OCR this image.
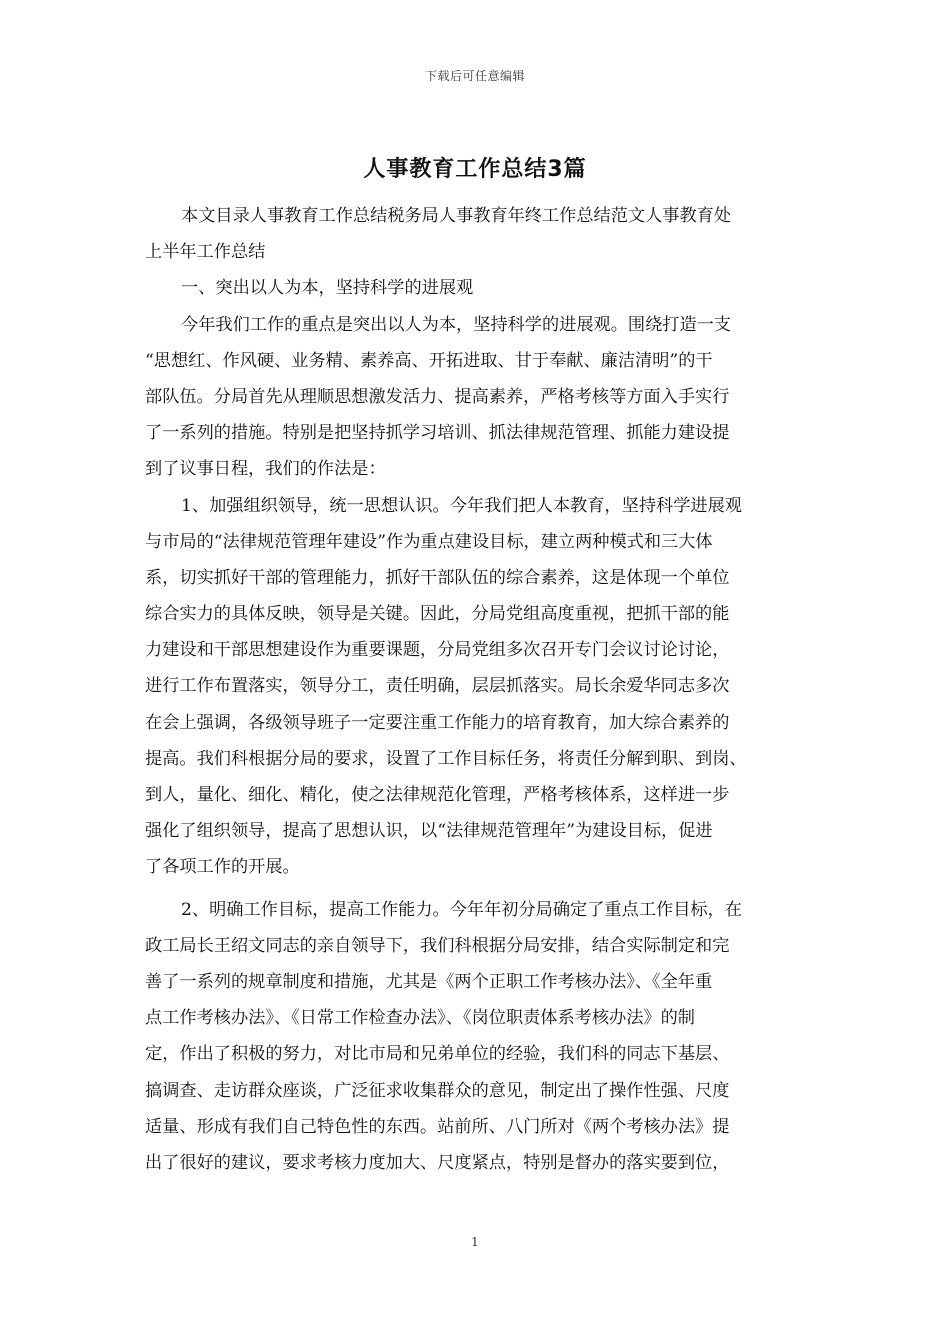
下载后可任意编辑
人事教育工作总结3篇
本文目录人事教育工作总结税务局人事教育年终工作总结范文人事教育处
上半年工作总结
一、突出以人为本，坚持科学的进展观
今年我们工作的重点是突出以人为本，坚持科学的进展观。围绕打造一支
“思想红、作风硬、业务精、素养高、开拓进取、甘于奉献、廉洁清明”的干
部队伍。分局首先从理顺思想激发活力、提高素养，严格考核等方面入手实行
了一系列的措施。特别是把坚持抓学习培训、抓法律规范管理、抓能力建设提
到了议事日程，我们的作法是：
1、加强组织领导，统一思想认识。今年我们把人本教育，坚持科学进展观
与市局的“法律规范管理年建设”作为重点建设目标，建立两种模式和三大体
系，切实抓好干部的管理能力，抓好干部队伍的综合素养，这是体现一个单位
综合实力的具体反映，领导是关键。因此，分局党组高度重视，把抓干部的能
力建设和干部思想建设作为重要课题，分局党组多次召开专门会议讨论讨论，
进行工作布置落实，领导分工，责任明确，层层抓落实。局长余爱华同志多次
在会上强调，各级领导班子一定要注重工作能力的培育教育，加大综合素养的
提高。我们科根据分局的要求，设置了工作目标任务，将责任分解到职、到岗、
到人，量化、细化、精化，使之法律规范化管理，严格考核体系，这样进一步
强化了组织领导，提高了思想认识，以“法律规范管理年”为建设目标，促进
了各项工作的开展。
2、明确工作目标，提高工作能力。今年年初分局确定了重点工作目标，在
政工局长王绍文同志的亲自领导下，我们科根据分局安排，结合实际制定和完
善了一系列的规章制度和措施，尤其是《两个正职工作考核办法》、《全年重
点工作考核办法》、《日常工作检查办法》、《岗位职责体系考核办法》的制
定，作出了积极的努力，对比市局和兄弟单位的经验，我们科的同志下基层、
搞调查、走访群众座谈，广泛征求收集群众的意见，制定出了操作性强、尺度
适量、形成有我们自己特色性的东西。站前所、八门所对《两个考核办法》提
出了很好的建议，要求考核力度加大、尺度紧点，特别是督办的落实要到位，
1
